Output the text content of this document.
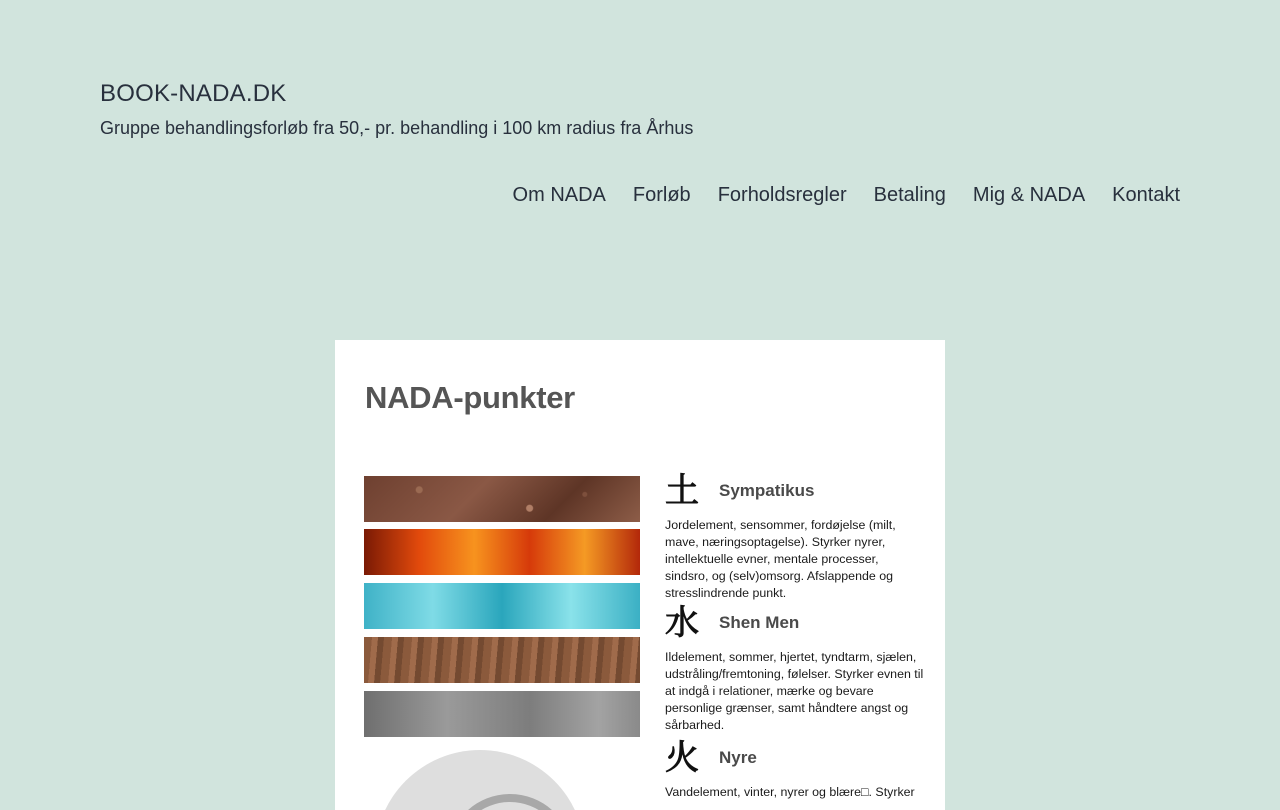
BOOK-NADA.DK

Gruppe behandlingsforløb fra 50,- pr. behandling i 100 km radius fra Århus

Om NADA Forløb Forholdsregler Betaling Mig & NADA Kontakt
NADA-punkter
土	Sympatikus

Jordelement, sensommer, fordøjelse (milt, mave, næringsoptagelse). Styrker nyrer, intellektuelle evner, mentale processer, sindsro, og (selv)omsorg. Afslappende og stresslindrende punkt.

水	Shen Men

Ildelement, sommer, hjertet, tyndtarm, sjælen, udstråling/fremtoning, følelser. Styrker evnen til at indgå i relationer, mærke og bevare personlige grænser, samt håndtere angst og sårbarhed.

火	Nyre

Vandelement, vinter, nyrer og blære□. Styrker
